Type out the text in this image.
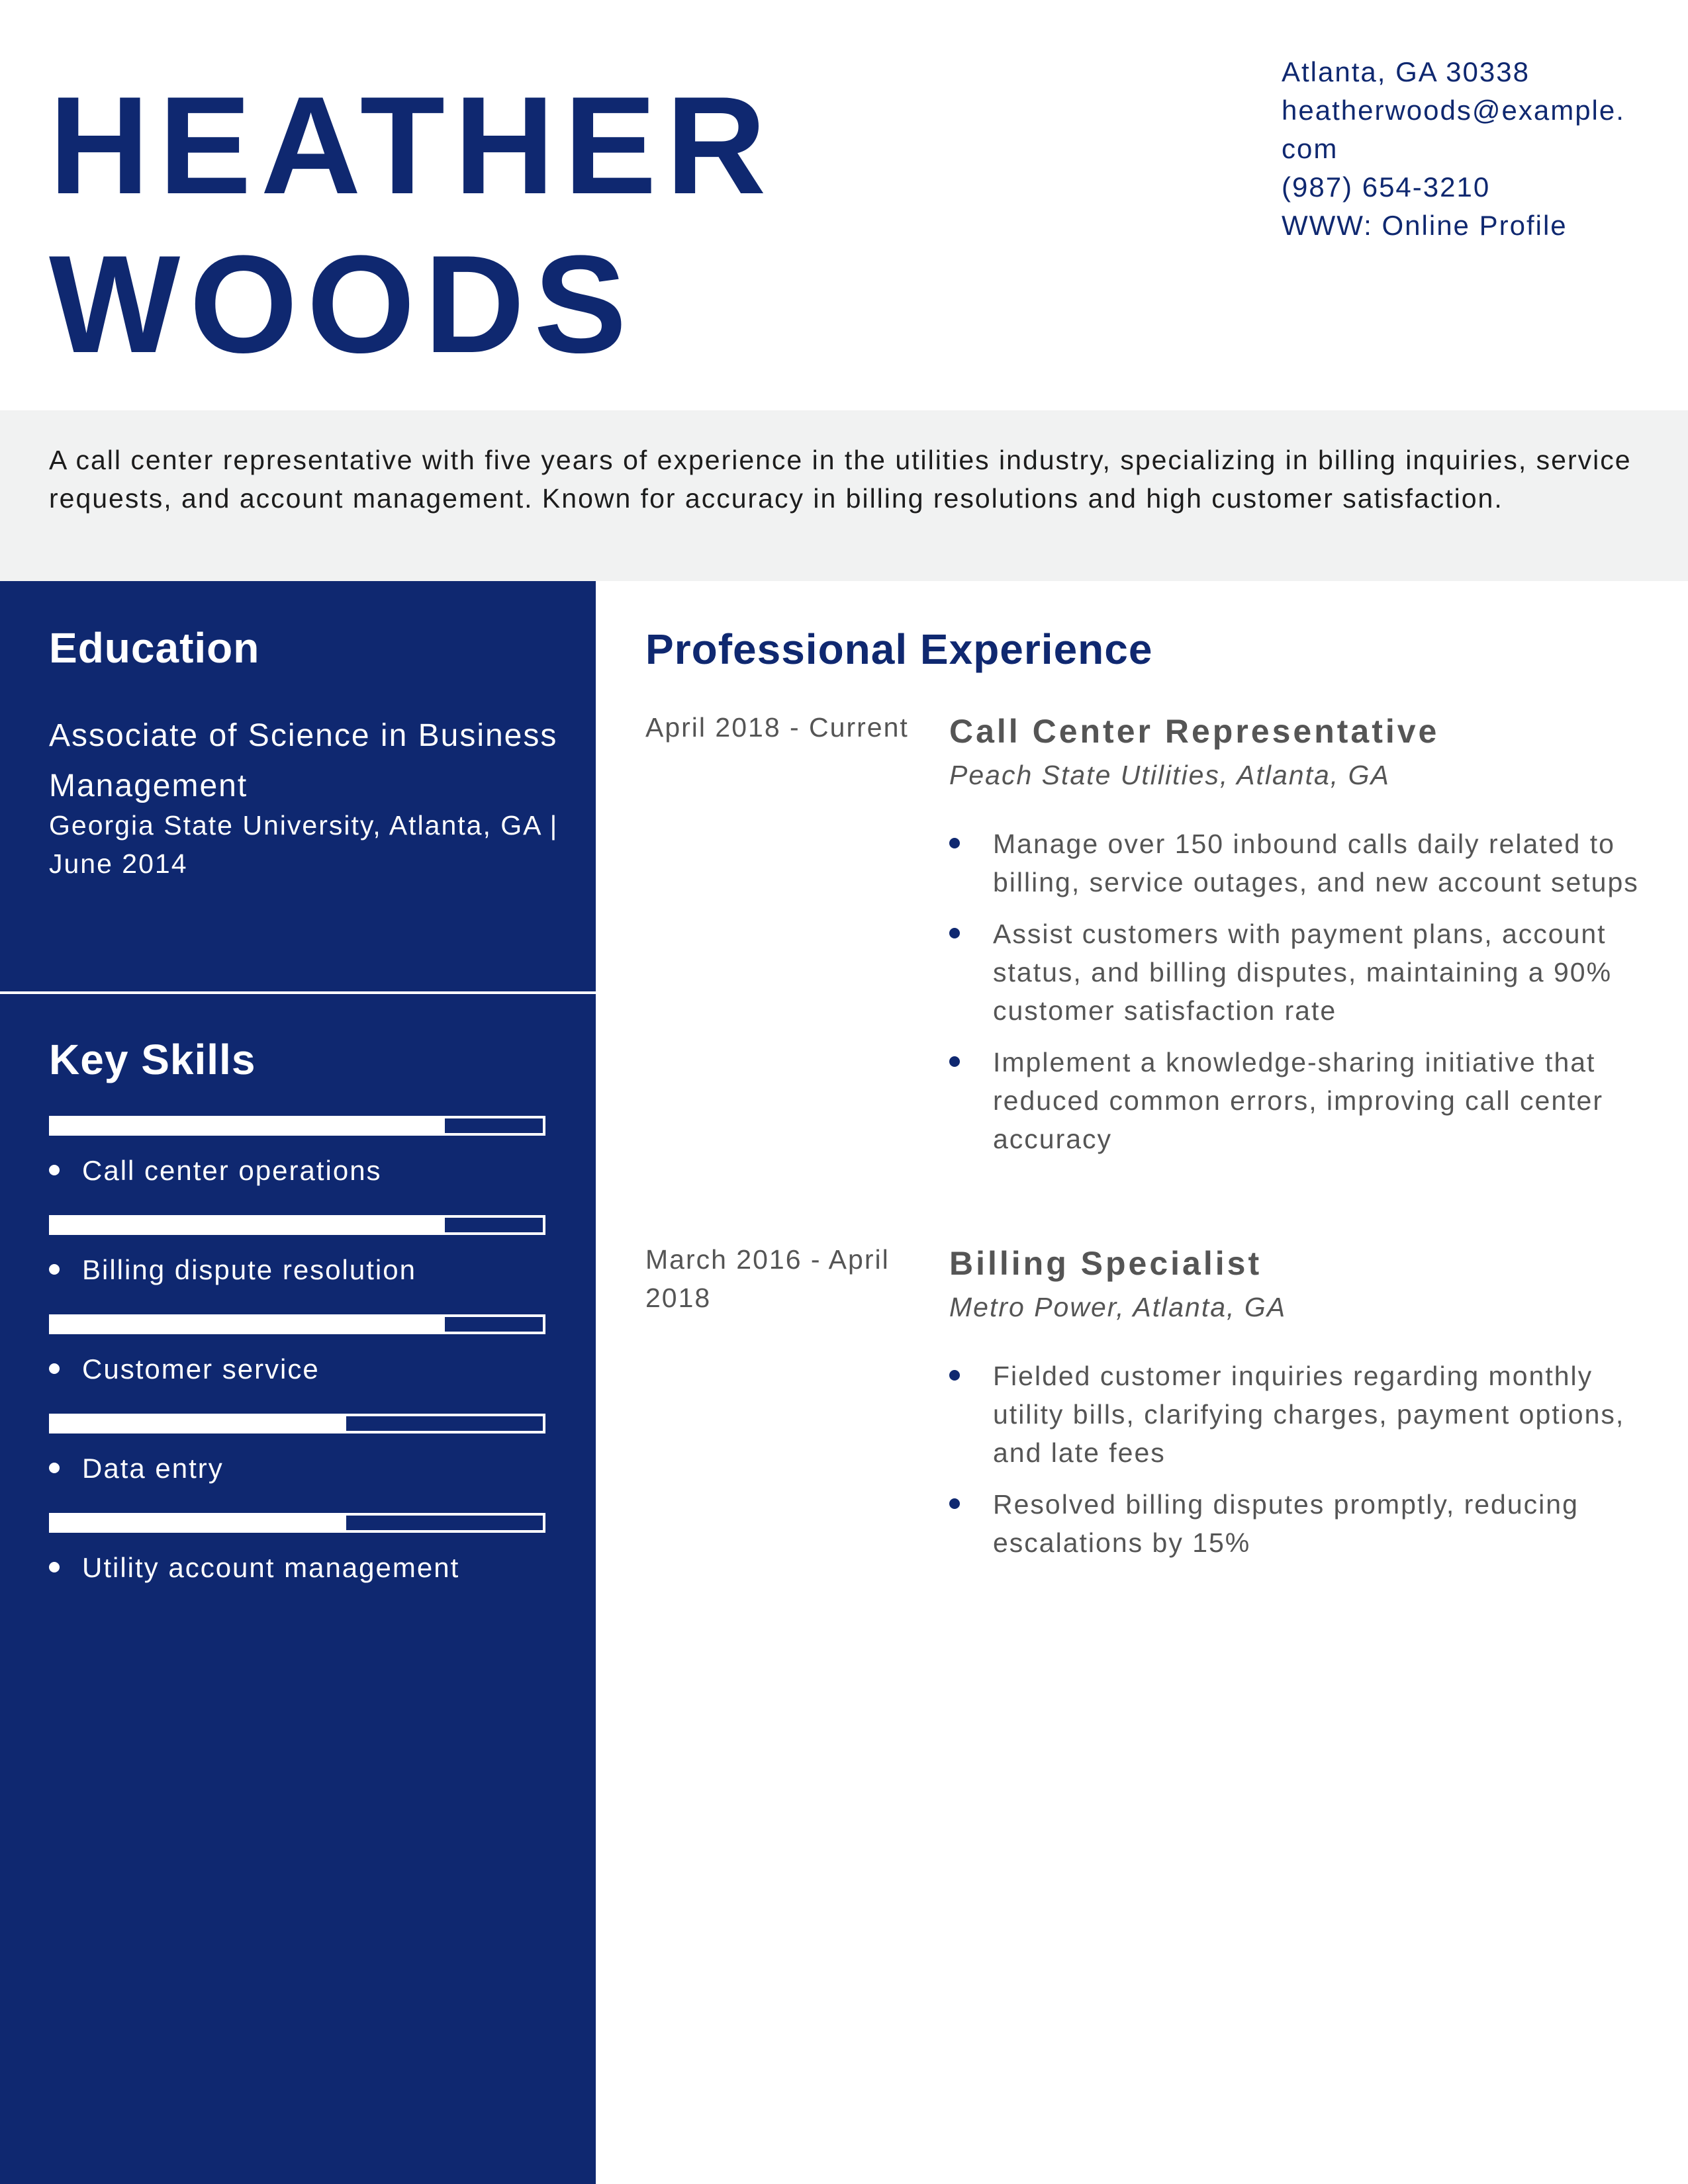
HEATHER
WOODS
Atlanta, GA 30338
heatherwoods@example.
com
(987) 654-3210
WWW: Online Profile

A call center representative with five years of experience in the utilities industry, specializing in billing inquiries, service requests, and account management. Known for accuracy in billing resolutions and high customer satisfaction.

Education
Associate of Science in Business Management
Georgia State University, Atlanta, GA | June 2014
Key Skills
Call center operations
Billing dispute resolution
Customer service
Data entry
Utility account management
Professional Experience
April 2018 - Current Call Center Representative
Peach State Utilities, Atlanta, GA
Manage over 150 inbound calls daily related to billing, service outages, and new account setups
Assist customers with payment plans, account status, and billing disputes, maintaining a 90% customer satisfaction rate
Implement a knowledge-sharing initiative that reduced common errors, improving call center accuracy
March 2016 - April 2018
Billing Specialist
Metro Power, Atlanta, GA
Fielded customer inquiries regarding monthly utility bills, clarifying charges, payment options, and late fees
Resolved billing disputes promptly, reducing escalations by 15%
